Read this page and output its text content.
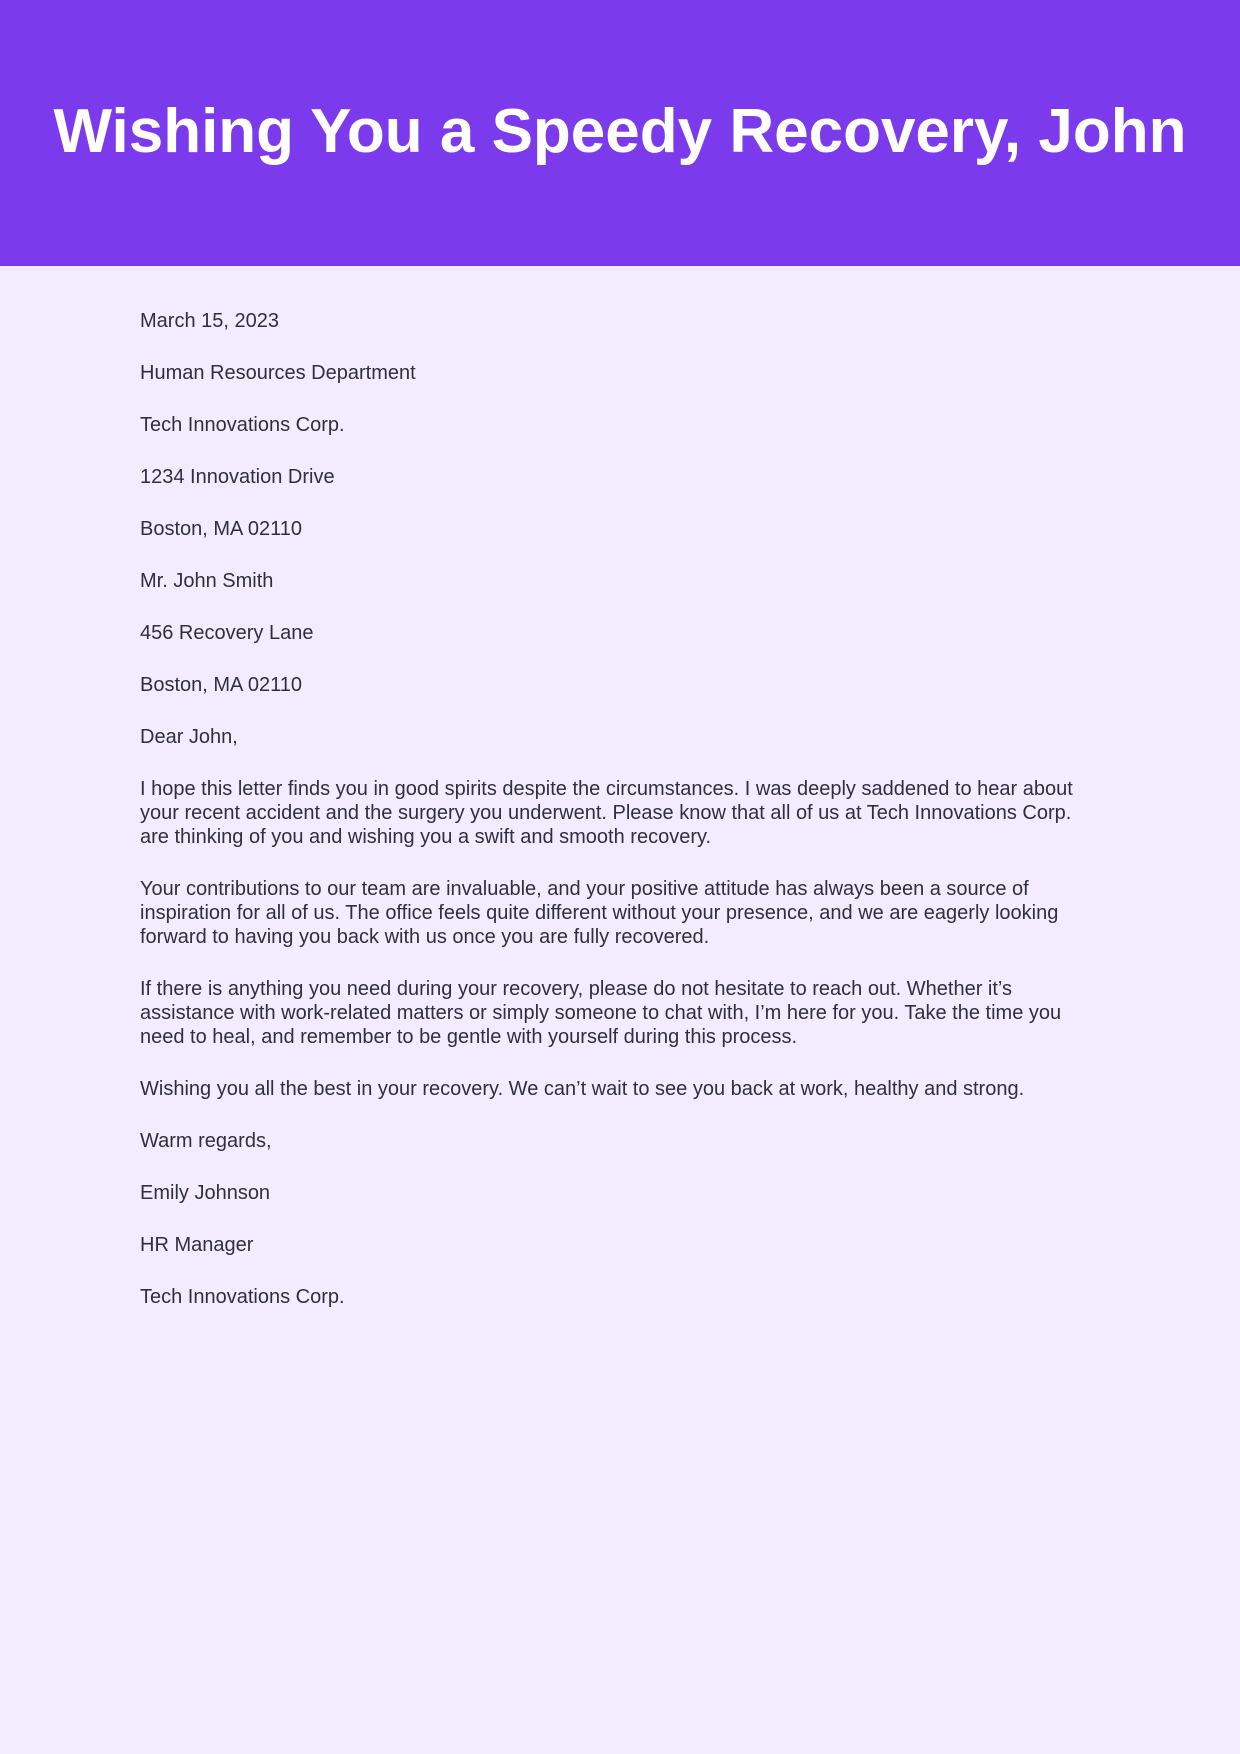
Wishing You a Speedy Recovery, John

March 15, 2023

Human Resources Department

Tech Innovations Corp.

1234 Innovation Drive

Boston, MA 02110

Mr. John Smith

456 Recovery Lane

Boston, MA 02110

Dear John,

I hope this letter finds you in good spirits despite the circumstances. I was deeply saddened to hear about your recent accident and the surgery you underwent. Please know that all of us at Tech Innovations Corp. are thinking of you and wishing you a swift and smooth recovery.

Your contributions to our team are invaluable, and your positive attitude has always been a source of inspiration for all of us. The office feels quite different without your presence, and we are eagerly looking forward to having you back with us once you are fully recovered.

If there is anything you need during your recovery, please do not hesitate to reach out. Whether it’s assistance with work-related matters or simply someone to chat with, I’m here for you. Take the time you need to heal, and remember to be gentle with yourself during this process.

Wishing you all the best in your recovery. We can’t wait to see you back at work, healthy and strong.

Warm regards,

Emily Johnson

HR Manager

Tech Innovations Corp.
